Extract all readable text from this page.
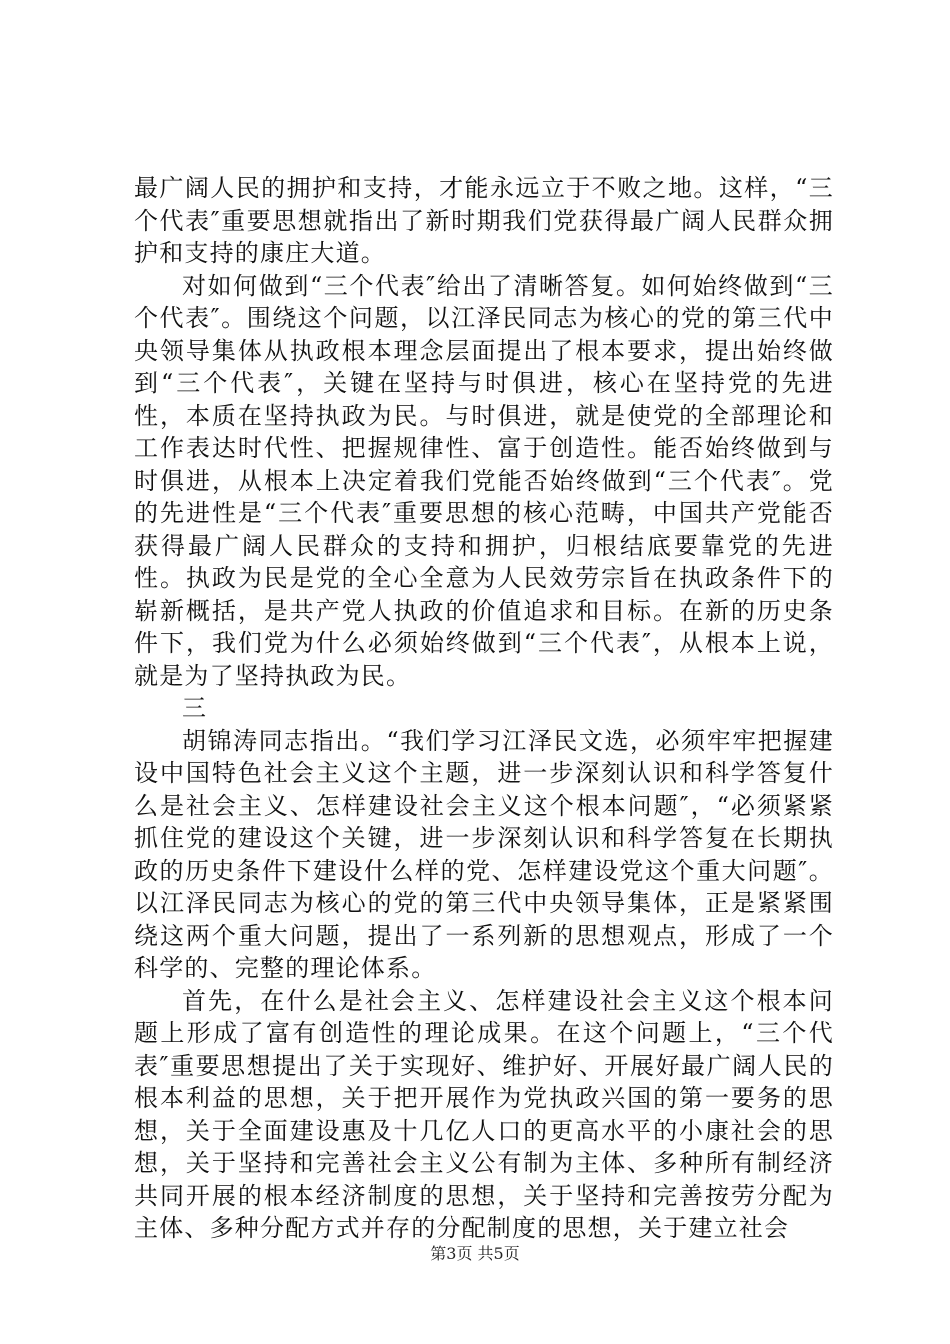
最广阔人民的拥护和支持，才能永远立于不败之地。这样，“三个代表″重要思想就指出了新时期我们党获得最广阔人民群众拥护和支持的康庄大道。

对如何做到“三个代表″给出了清晰答复。如何始终做到“三个代表″。围绕这个问题，以江泽民同志为核心的党的第三代中央领导集体从执政根本理念层面提出了根本要求，提出始终做到“三个代表″，关键在坚持与时俱进，核心在坚持党的先进性，本质在坚持执政为民。与时俱进，就是使党的全部理论和工作表达时代性、把握规律性、富于创造性。能否始终做到与时俱进，从根本上决定着我们党能否始终做到“三个代表″。党的先进性是“三个代表″重要思想的核心范畴，中国共产党能否获得最广阔人民群众的支持和拥护，归根结底要靠党的先进性。执政为民是党的全心全意为人民效劳宗旨在执政条件下的崭新概括，是共产党人执政的价值追求和目标。在新的历史条件下，我们党为什么必须始终做到“三个代表″，从根本上说，就是为了坚持执政为民。

三

胡锦涛同志指出。“我们学习江泽民文选，必须牢牢把握建设中国特色社会主义这个主题，进一步深刻认识和科学答复什么是社会主义、怎样建设社会主义这个根本问题″，“必须紧紧抓住党的建设这个关键，进一步深刻认识和科学答复在长期执政的历史条件下建设什么样的党、怎样建设党这个重大问题″。以江泽民同志为核心的党的第三代中央领导集体，正是紧紧围绕这两个重大问题，提出了一系列新的思想观点，形成了一个科学的、完整的理论体系。

首先，在什么是社会主义、怎样建设社会主义这个根本问题上形成了富有创造性的理论成果。在这个问题上，“三个代表″重要思想提出了关于实现好、维护好、开展好最广阔人民的根本利益的思想，关于把开展作为党执政兴国的第一要务的思想，关于全面建设惠及十几亿人口的更高水平的小康社会的思想，关于坚持和完善社会主义公有制为主体、多种所有制经济共同开展的根本经济制度的思想，关于坚持和完善按劳分配为主体、多种分配方式并存的分配制度的思想，关于建立社会

第3页 共5页
